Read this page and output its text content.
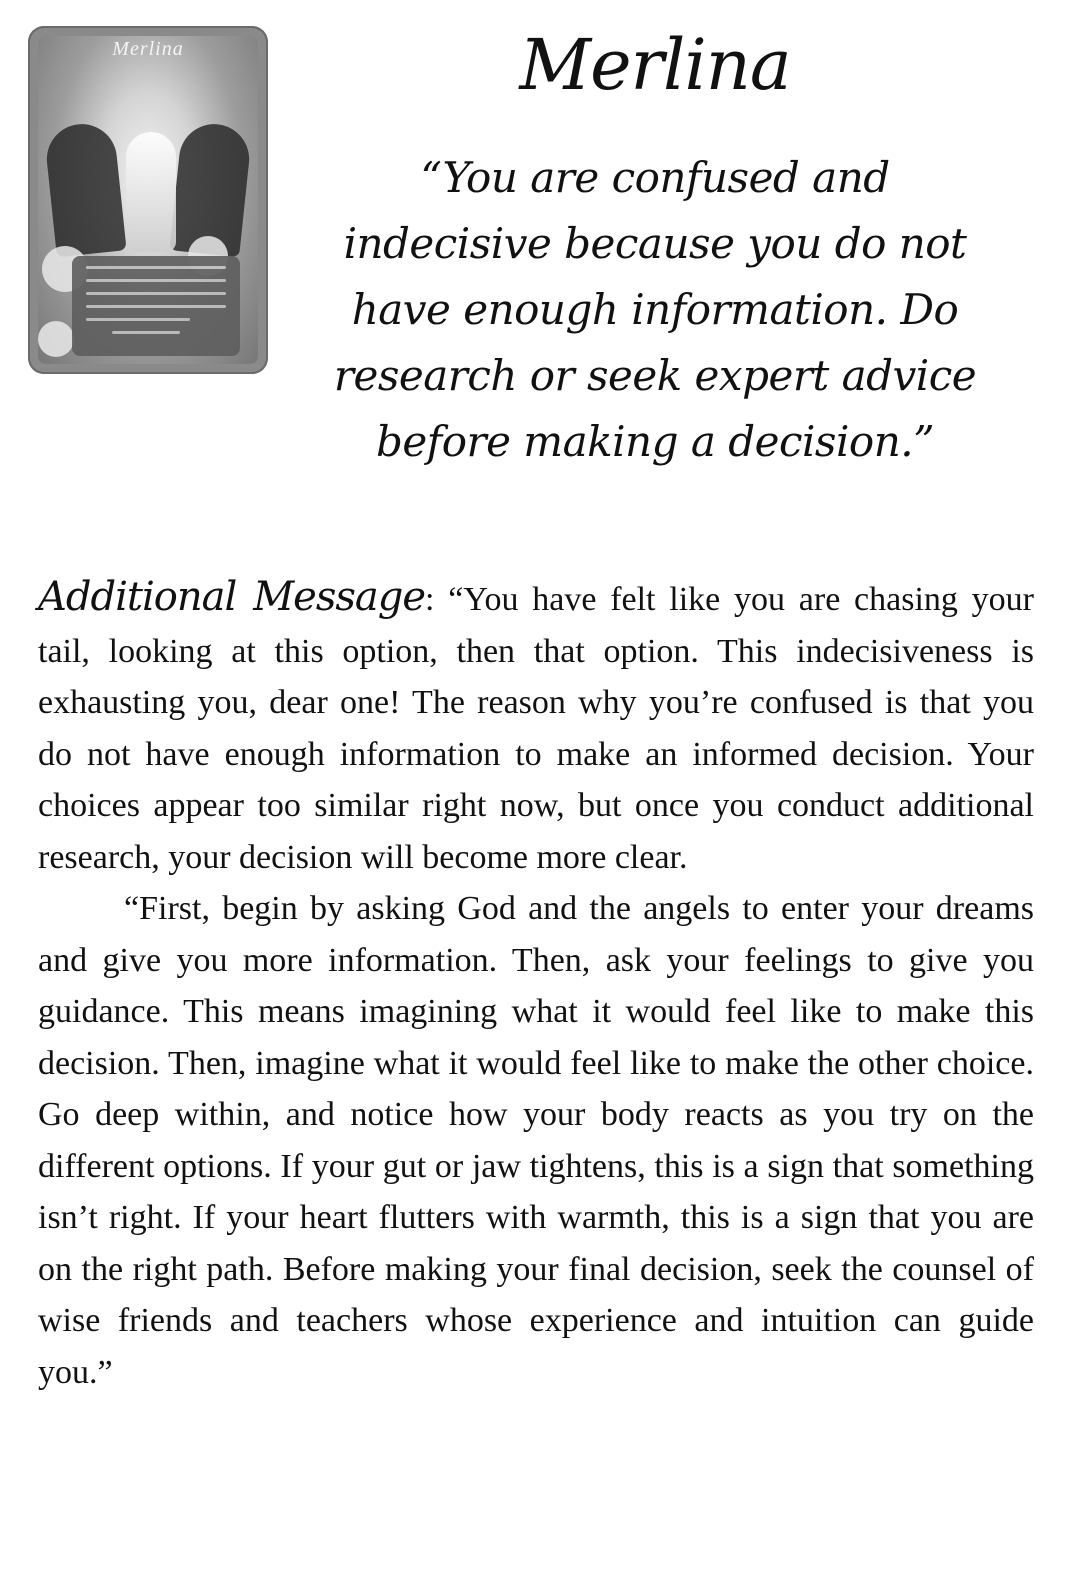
Merlina	Merlina

“You are confused and indecisive because you do not have enough information. Do research or seek expert advice before making a decision.”

Additional Message: “You have felt like you are chasing your tail, looking at this option, then that option. This indecisiveness is exhausting you, dear one! The reason why you’re confused is that you do not have enough information to make an informed decision. Your choices appear too similar right now, but once you conduct additional research, your decision will become more clear.

“First, begin by asking God and the angels to enter your dreams and give you more information. Then, ask your feelings to give you guidance. This means imagining what it would feel like to make this decision. Then, imagine what it would feel like to make the other choice. Go deep within, and notice how your body reacts as you try on the different options. If your gut or jaw tightens, this is a sign that something isn’t right. If your heart flutters with warmth, this is a sign that you are on the right path. Before making your final decision, seek the counsel of wise friends and teachers whose experience and intuition can guide you.”
